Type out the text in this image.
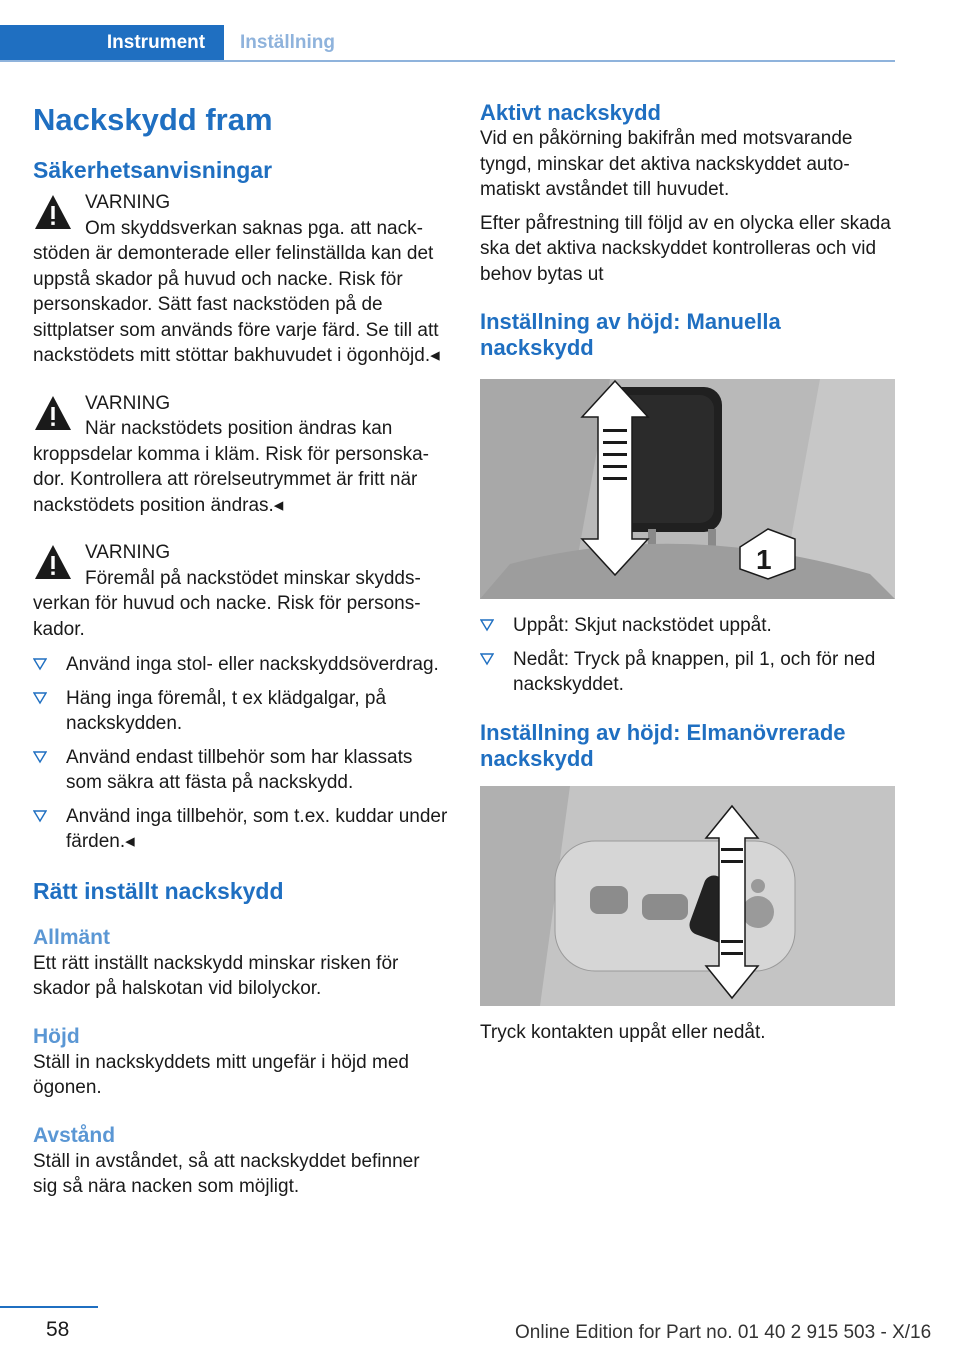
Instrument	Inställning
Nackskydd fram
Säkerhetsanvisningar
VARNING
Om skyddsverkan saknas pga. att nackstöden är demonterade eller felinställda kan det uppstå skador på huvud och nacke. Risk för personskador. Sätt fast nackstöden på de sittplatser som används före varje färd. Se till att nackstödets mitt stöttar bakhuvudet i ögonhöjd.◂
VARNING
När nackstödets position ändras kan kroppsdelar komma i kläm. Risk för personskador. Kontrollera att rörelseutrymmet är fritt när nackstödets position ändras.◂
VARNING
Föremål på nackstödet minskar skyddsverkan för huvud och nacke. Risk för personskador.
Använd inga stol- eller nackskyddsöverdrag.
Häng inga föremål, t ex klädgalgar, på nackskydden.
Använd endast tillbehör som har klassats som säkra att fästa på nackskydd.
Använd inga tillbehör, som t.ex. kuddar under färden.◂
Rätt inställt nackskydd
Allmänt

Ett rätt inställt nackskydd minskar risken för skador på halskotan vid bilolyckor.

Höjd

Ställ in nackskyddets mitt ungefär i höjd med ögonen.

Avstånd

Ställ in avståndet, så att nackskyddet befinner sig så nära nacken som möjligt.

Aktivt nackskydd

Vid en påkörning bakifrån med motsvarande tyngd, minskar det aktiva nackskyddet automatiskt avståndet till huvudet.

Efter påfrestning till följd av en olycka eller skada ska det aktiva nackskyddet kontrolleras och vid behov bytas ut

Inställning av höjd: Manuella nackskydd
1
Uppåt: Skjut nackstödet uppåt.
Nedåt: Tryck på knappen, pil 1, och för ned nackskyddet.
Inställning av höjd: Elmanövrerade nackskydd

Tryck kontakten uppåt eller nedåt.

58	Online Edition for Part no. 01 40 2 915 503 - X/16
